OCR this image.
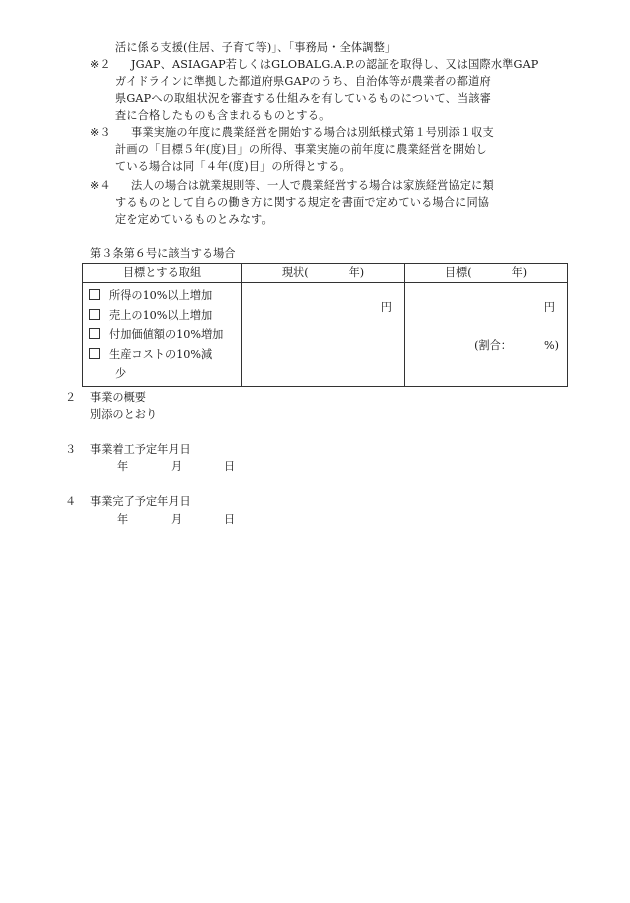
活に係る支援(住居、子育て等)」、「事務局・全体調整」
※２ JGAP、ASIAGAP若しくはGLOBALG.A.P.の認証を取得し、又は国際水準GAP
ガイドラインに準拠した都道府県GAPのうち、自治体等が農業者の都道府
県GAPへの取組状況を審査する仕組みを有しているものについて、当該審
査に合格したものも含まれるものとする。
※３ 事業実施の年度に農業経営を開始する場合は別紙様式第１号別添１収支
計画の「目標５年(度)目」の所得、事業実施の前年度に農業経営を開始し
ている場合は同「４年(度)目」の所得とする。
※４ 法人の場合は就業規則等、一人で農業経営する場合は家族経営協定に類
するものとして自らの働き方に関する規定を書面で定めている場合に同協
定を定めているものとみなす。
第３条第６号に該当する場合
目標とする取組	現状( 年)	目標( 年)

所得の10%以上増加
売上の10%以上増加
付加価値額の10%増加
生産コストの10%減
少	円	円
(割合： %)
２ 事業の概要
別添のとおり
３ 事業着工予定年月日
年	月	日
４ 事業完了予定年月日
年	月	日
